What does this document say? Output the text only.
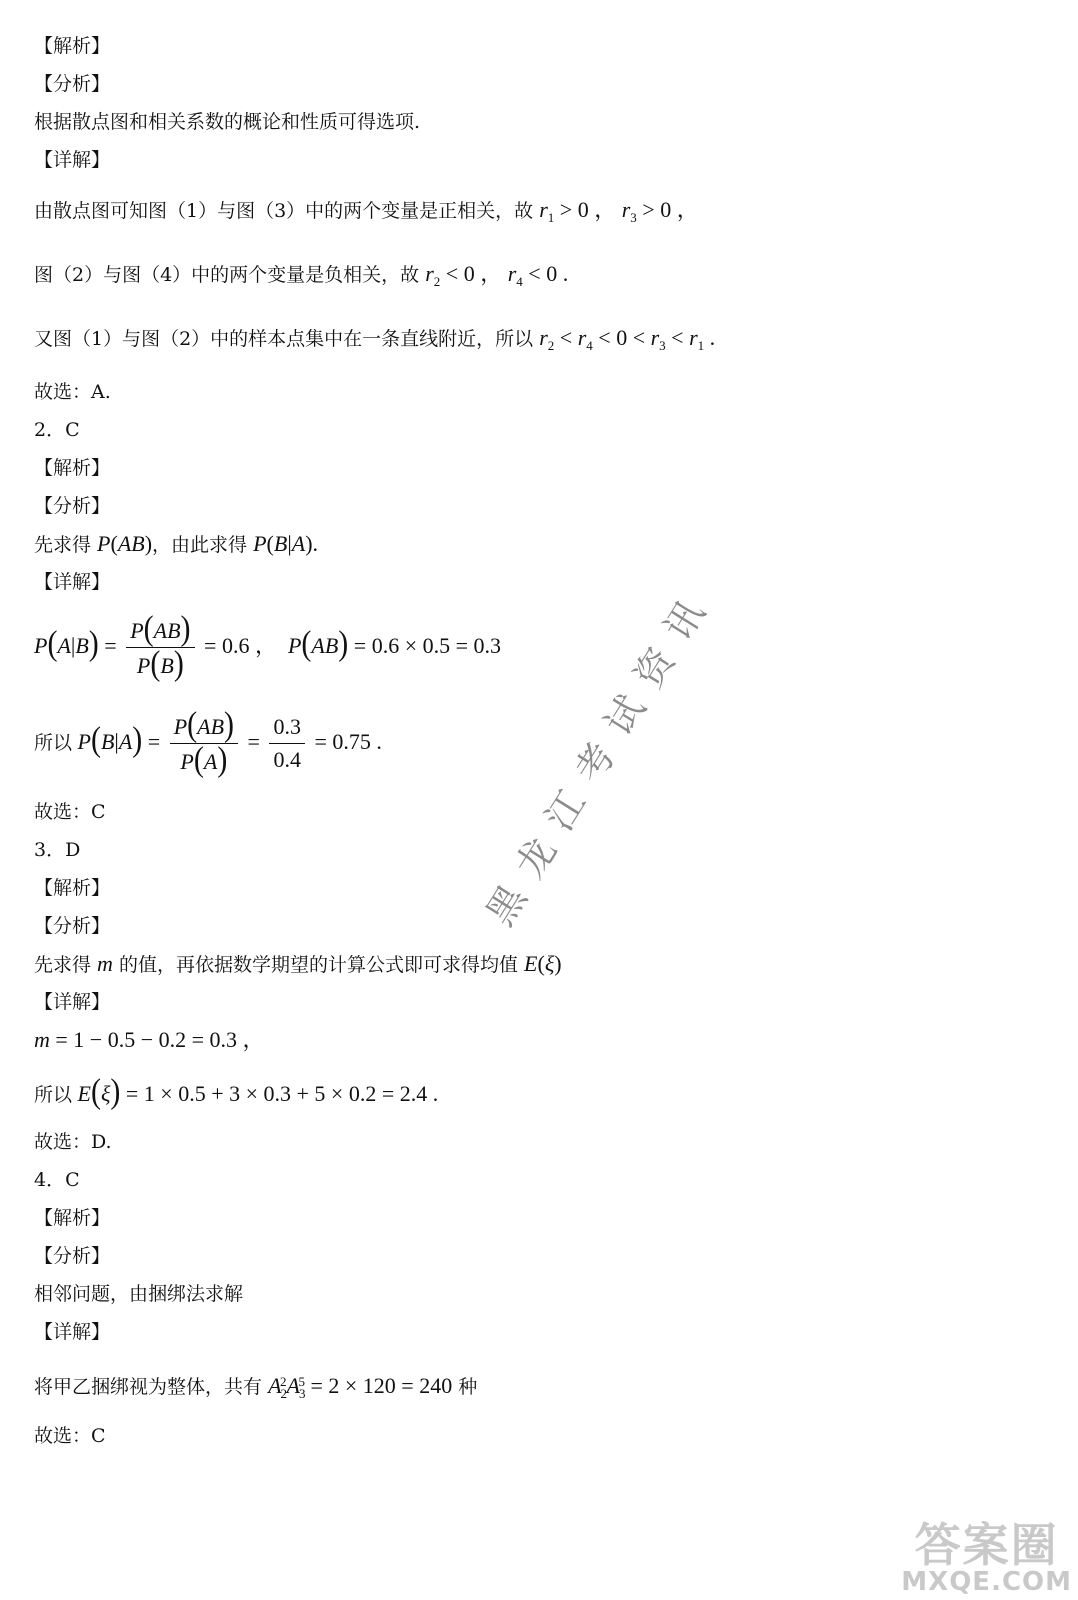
【解析】
【分析】
根据散点图和相关系数的概论和性质可得选项.
【详解】
由散点图可知图（1）与图（3）中的两个变量是正相关，故 $r_1 > 0$ ， $r_3 > 0$ ，
图（2）与图（4）中的两个变量是负相关，故 $r_2 < 0$ ， $r_4 < 0$ .
又图（1）与图（2）中的样本点集中在一条直线附近，所以 $r_2 < r_4 < 0 < r_3 < r_1$ .
故选：A.
2．C
【解析】
【分析】
先求得 P(AB)，由此求得 P(B|A).
【详解】
$P(A|B) = \frac{P(AB)}{P(B)} = 0.6$ ，  P(AB) = 0.6 × 0.5 = 0.3
所以 $P(B|A) = \frac{P(AB)}{P(A)} = \frac{0.3}{0.4} = 0.75$ .
故选：C
3．D
【解析】
【分析】
先求得 m 的值，再依据数学期望的计算公式即可求得均值 E(ξ)
【详解】
m = 1 − 0.5 − 0.2 = 0.3 ，
所以 E(ξ) = 1 × 0.5 + 3 × 0.3 + 5 × 0.2 = 2.4 .
故选：D.
4．C
【解析】
【分析】
相邻问题，由捆绑法求解
【详解】
将甲乙捆绑视为整体，共有 $A_2^2A_3^5 = 2 \times 120 = 240$ 种
故选：C
黑龙江考试资讯
答案圈
MXQE.COM
